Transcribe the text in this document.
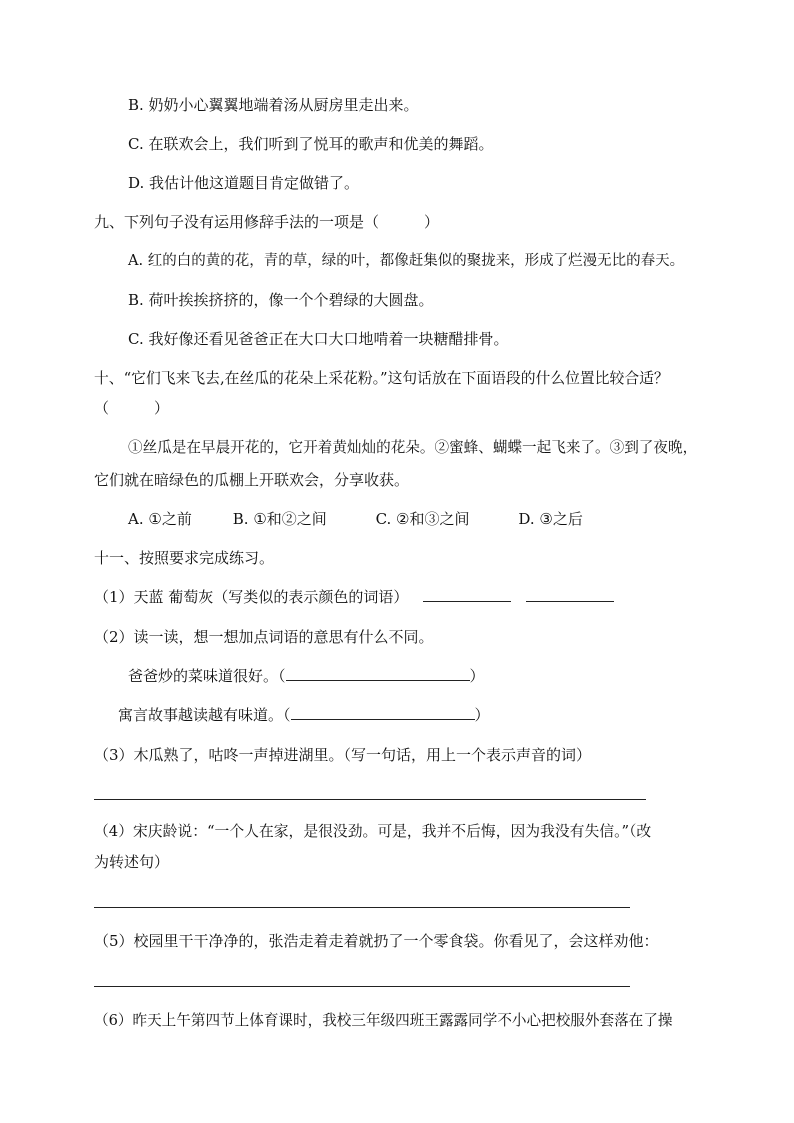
B. 奶奶小心翼翼地端着汤从厨房里走出来。
C. 在联欢会上，我们听到了悦耳的歌声和优美的舞蹈。
D. 我估计他这道题目肯定做错了。
九、下列句子没有运用修辞手法的一项是（　　　）
A. 红的白的黄的花，青的草，绿的叶，都像赶集似的聚拢来，形成了烂漫无比的春天。
B. 荷叶挨挨挤挤的，像一个个碧绿的大圆盘。
C. 我好像还看见爸爸正在大口大口地啃着一块糖醋排骨。
十、“它们飞来飞去,在丝瓜的花朵上采花粉。”这句话放在下面语段的什么位置比较合适？
（　　　）
①丝瓜是在早晨开花的，它开着黄灿灿的花朵。②蜜蜂、蝴蝶一起飞来了。③到了夜晚，
它们就在暗绿色的瓜棚上开联欢会，分享收获。
A. ①之前	B. ①和②之间	C. ②和③之间	D. ③之后
十一、按照要求完成练习。
（1）天蓝 葡萄灰（写类似的表示颜色的词语）
（2）读一读，想一想加点词语的意思有什么不同。
爸爸炒的菜味道很好。（	）
寓言故事越读越有味道。（	）
（3）木瓜熟了，咕咚一声掉进湖里。（写一句话，用上一个表示声音的词）
（4）宋庆龄说：“一个人在家，是很没劲。可是，我并不后悔，因为我没有失信。”（改
为转述句）
（5）校园里干干净净的，张浩走着走着就扔了一个零食袋。你看见了，会这样劝他：
（6）昨天上午第四节上体育课时，我校三年级四班王露露同学不小心把校服外套落在了操
